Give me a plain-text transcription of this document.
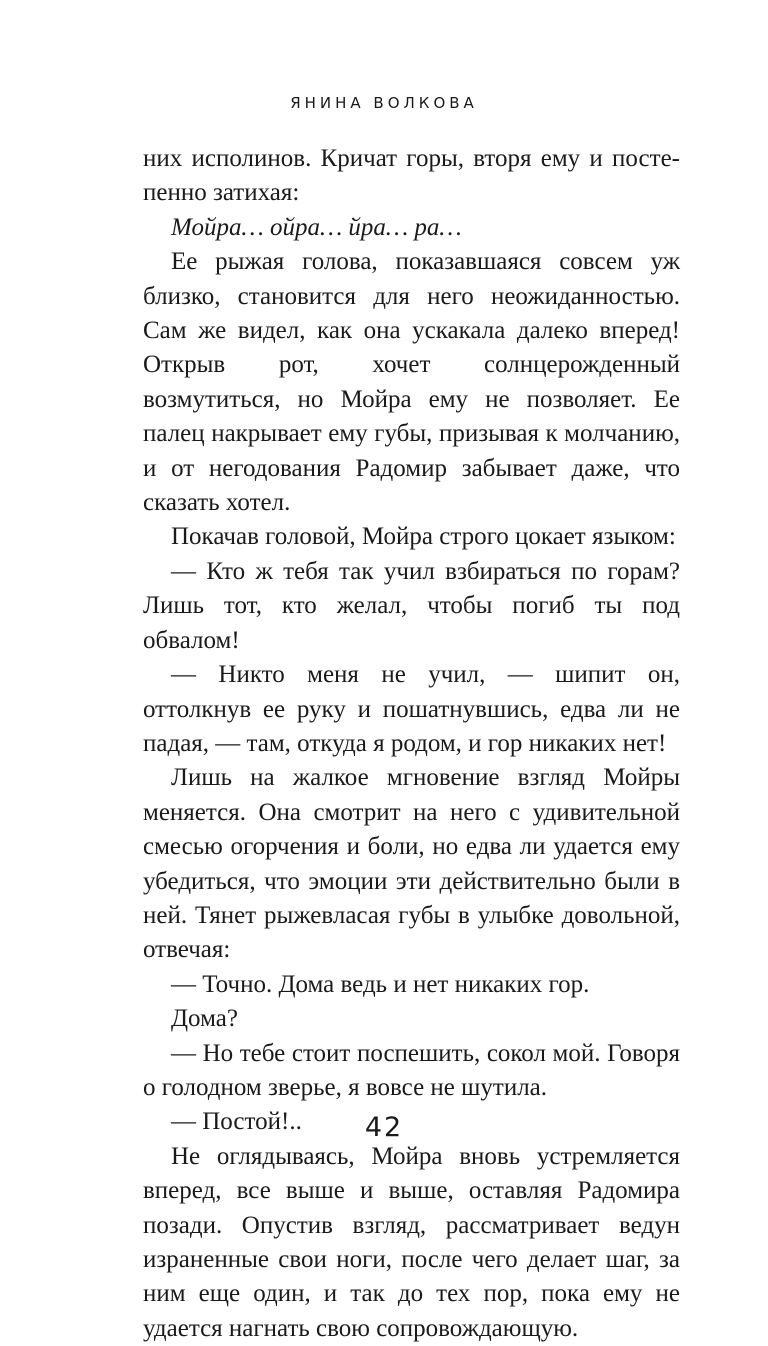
ЯНИНА ВОЛКОВА

них исполинов. Кричат горы, вторя ему и постепенно затихая:

Мойра… ойра… йра… ра…

Ее рыжая голова, показавшаяся совсем уж близко, становится для него неожиданностью. Сам же видел, как она ускакала далеко вперед! Открыв рот, хочет солнцерожденный возмутиться, но Мойра ему не позволяет. Ее палец накрывает ему губы, призывая к молчанию, и от негодования Радомир забывает даже, что сказать хотел.

Покачав головой, Мойра строго цокает языком:

— Кто ж тебя так учил взбираться по горам? Лишь тот, кто желал, чтобы погиб ты под обвалом!

— Никто меня не учил, — шипит он, оттолкнув ее руку и пошатнувшись, едва ли не падая, — там, откуда я родом, и гор никаких нет!

Лишь на жалкое мгновение взгляд Мойры меняется. Она смотрит на него с удивительной смесью огорчения и боли, но едва ли удается ему убедиться, что эмоции эти действительно были в ней. Тянет рыжевласая губы в улыбке довольной, отвечая:

— Точно. Дома ведь и нет никаких гор.

Дома?

— Но тебе стоит поспешить, сокол мой. Говоря о голодном зверье, я вовсе не шутила.

— Постой!..

Не оглядываясь, Мойра вновь устремляется вперед, все выше и выше, оставляя Радомира позади. Опустив взгляд, рассматривает ведун израненные свои ноги, после чего делает шаг, за ним еще один, и так до тех пор, пока ему не удается нагнать свою сопровождающую.

42
